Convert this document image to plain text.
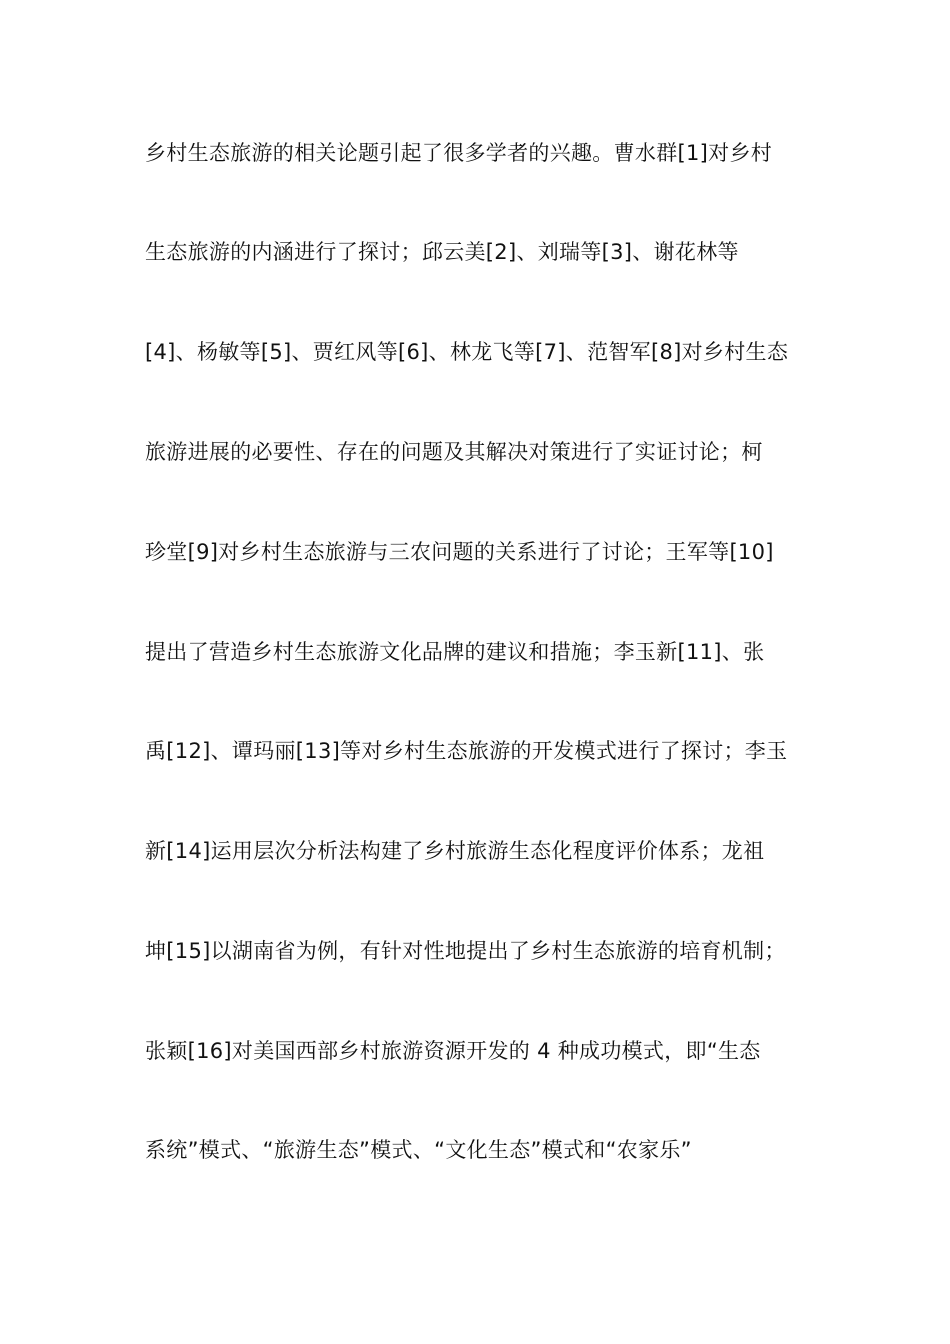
乡村生态旅游的相关论题引起了很多学者的兴趣。曹水群[1]对乡村
生态旅游的内涵进行了探讨；邱云美[2]、刘瑞等[3]、谢花林等
[4]、杨敏等[5]、贾红风等[6]、林龙飞等[7]、范智军[8]对乡村生态
旅游进展的必要性、存在的问题及其解决对策进行了实证讨论；柯
珍堂[9]对乡村生态旅游与三农问题的关系进行了讨论；王军等[10]
提出了营造乡村生态旅游文化品牌的建议和措施；李玉新[11]、张
禹[12]、谭玛丽[13]等对乡村生态旅游的开发模式进行了探讨；李玉
新[14]运用层次分析法构建了乡村旅游生态化程度评价体系；龙祖
坤[15]以湖南省为例，有针对性地提出了乡村生态旅游的培育机制；
张颖[16]对美国西部乡村旅游资源开发的 4 种成功模式，即“生态
系统”模式、“旅游生态”模式、“文化生态”模式和“农家乐”
